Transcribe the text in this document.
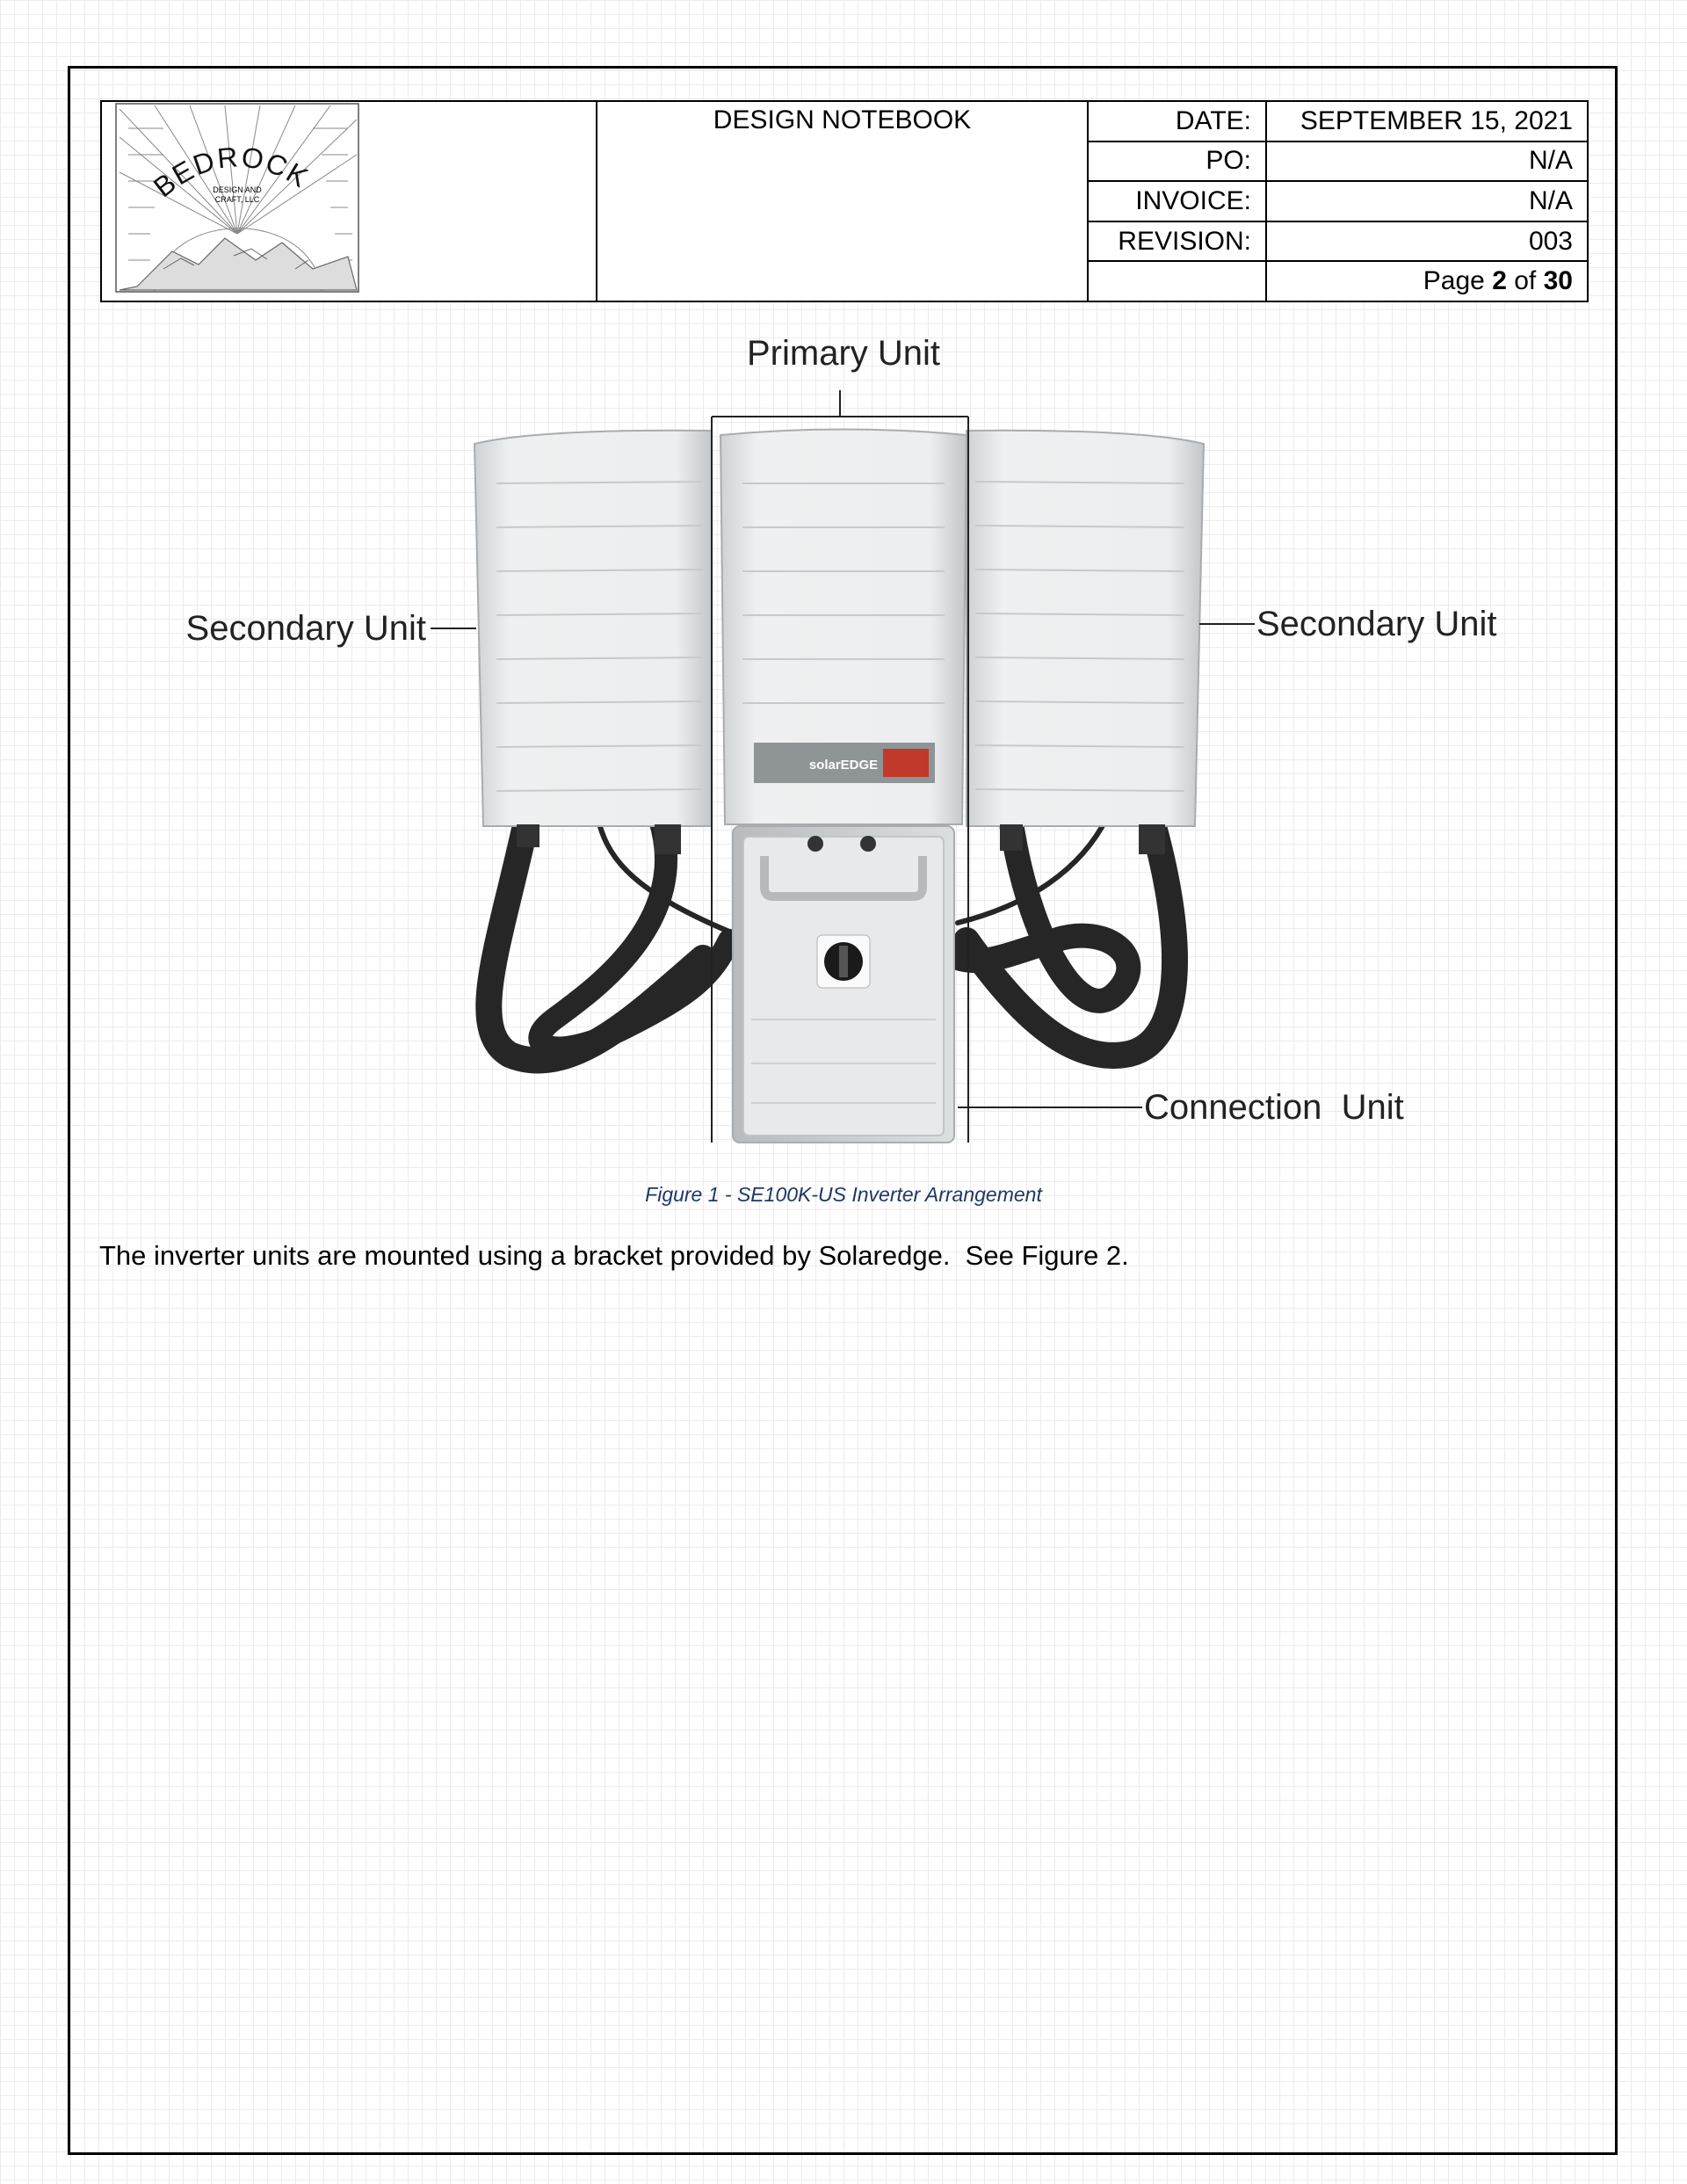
BEDROCK
DESIGN AND
CRAFT, LLC	DESIGN NOTEBOOK	DATE:	SEPTEMBER 15, 2021
		PO:	N/A
		INVOICE:	N/A
		REVISION:	003
			Page 2 of 30
solarEDGE
Primary Unit
Secondary Unit	Secondary Unit
Connection  Unit
Figure 1 - SE100K-US Inverter Arrangement
The inverter units are mounted using a bracket provided by Solaredge.  See Figure 2.
